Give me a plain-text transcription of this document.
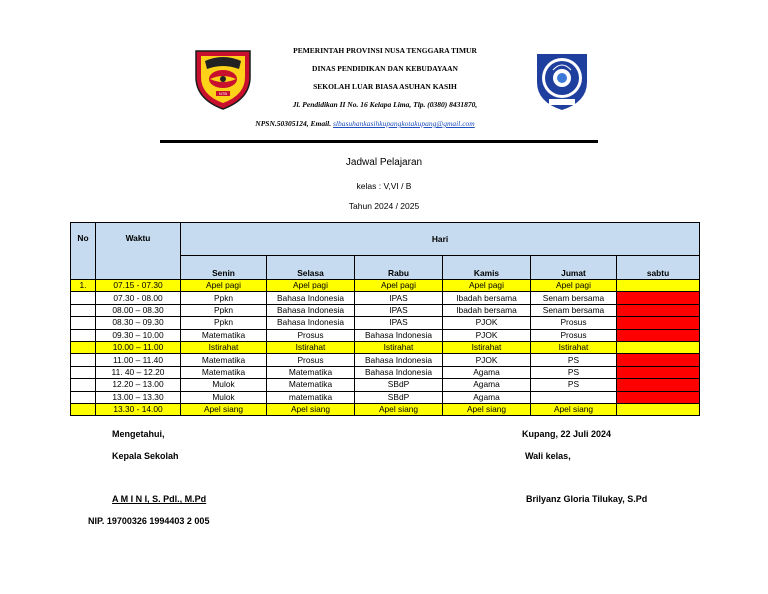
NTB
PEMERINTAH PROVINSI NUSA TENGGARA TIMUR
DINAS PENDIDIKAN DAN KEBUDAYAAN
SEKOLAH LUAR BIASA ASUHAN KASIH
Jl. Pendidikan II No. 16 Kelapa Lima, Tlp. (0380) 8431870,
NPSN.50305124, Email. slbasuhankasihkupangkotakupang@gmail.com
Jadwal Pelajaran
kelas : V,VI / B
Tahun 2024 / 2025
No	Waktu	Hari					
		Senin	Selasa	Rabu	Kamis	Jumat	sabtu
1.	07.15 - 07.30	Apel pagi	Apel pagi	Apel pagi	Apel pagi	Apel pagi	
	07.30 - 08.00	Ppkn	Bahasa Indonesia	IPAS	Ibadah bersama	Senam bersama	
	08.00 – 08.30	Ppkn	Bahasa Indonesia	IPAS	Ibadah bersama	Senam bersama	
	08.30 – 09.30	Ppkn	Bahasa Indonesia	IPAS	PJOK	Prosus	
	09.30 – 10.00	Matematika	Prosus	Bahasa Indonesia	PJOK	Prosus	
	10.00 – 11.00	Istirahat	Istirahat	Istirahat	Istirahat	Istirahat	
	11.00 – 11.40	Matematika	Prosus	Bahasa Indonesia	PJOK	PS	
	11. 40 – 12.20	Matematika	Matematika	Bahasa Indonesia	Agama	PS	
	12.20 – 13.00	Mulok	Matematika	SBdP	Agama	PS	
	13.00 – 13.30	Mulok	matematika	SBdP	Agama		
	13.30 - 14.00	Apel siang	Apel siang	Apel siang	Apel siang	Apel siang	
Mengetahui,
Kepala Sekolah
A M I N I, S. Pdl., M.Pd
NIP. 19700326 1994403 2 005
Kupang, 22 Juli 2024
Wali kelas,
Brilyanz Gloria Tilukay, S.Pd
